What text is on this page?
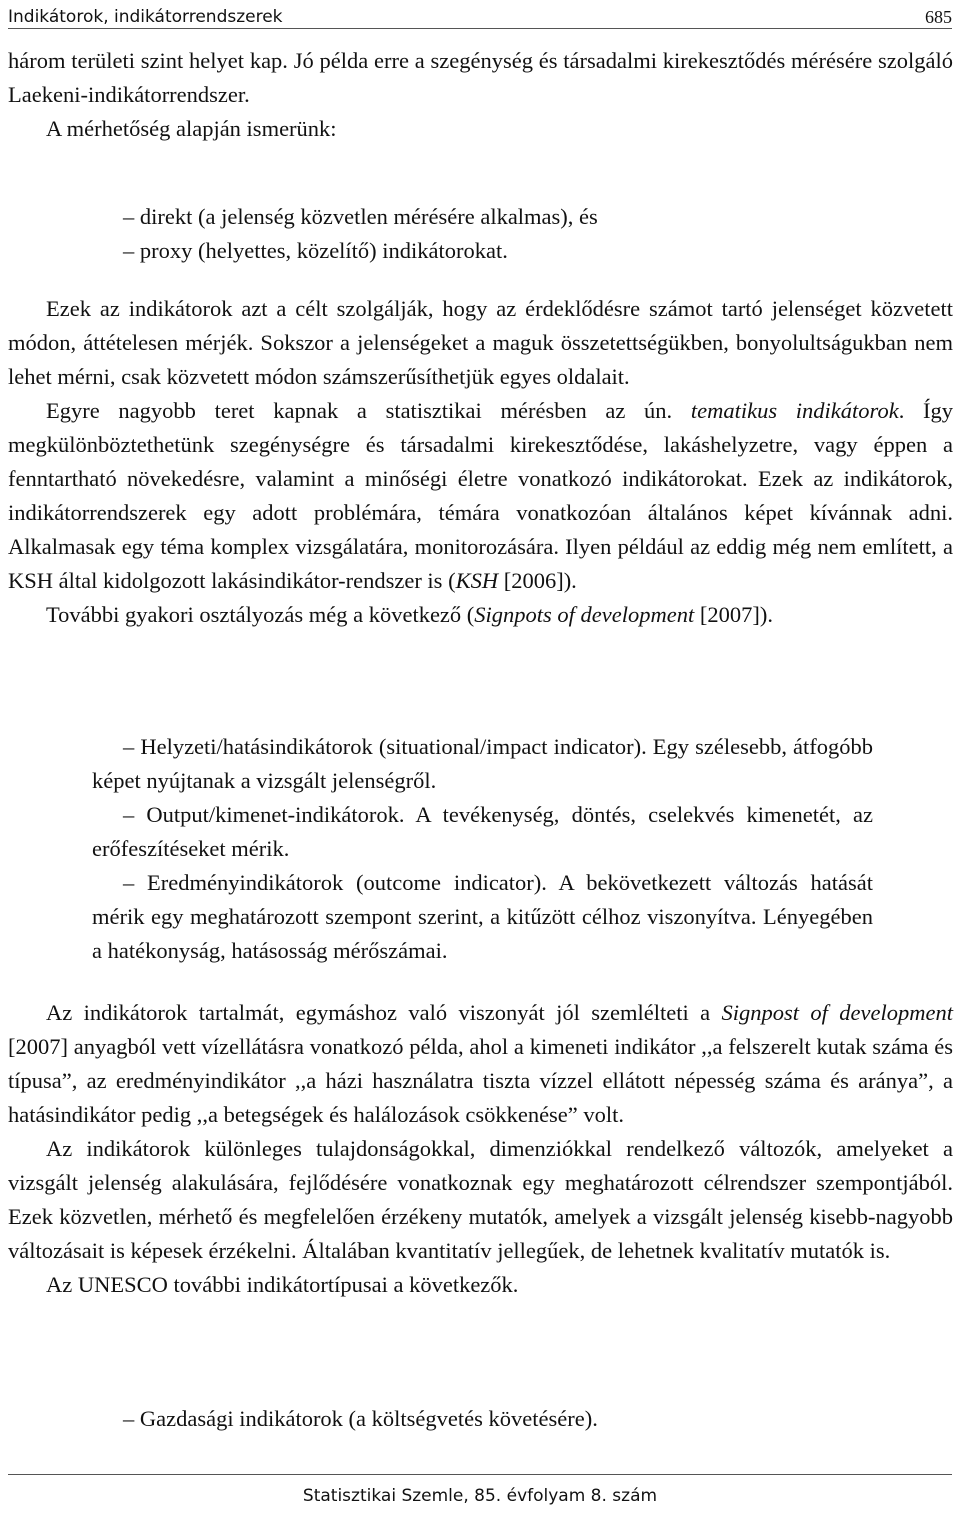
Indikátorok, indikátorrendszerek	685

három területi szint helyet kap. Jó példa erre a szegénység és társadalmi kirekesztődés mérésére szolgáló Laekeni-indikátorrendszer.

A mérhetőség alapján ismerünk:

– direkt (a jelenség közvetlen mérésére alkalmas), és

– proxy (helyettes, közelítő) indikátorokat.

Ezek az indikátorok azt a célt szolgálják, hogy az érdeklődésre számot tartó jelenséget közvetett módon, áttételesen mérjék. Sokszor a jelenségeket a maguk összetettségükben, bonyolultságukban nem lehet mérni, csak közvetett módon számszerűsíthetjük egyes oldalait.

Egyre nagyobb teret kapnak a statisztikai mérésben az ún. tematikus indikátorok. Így megkülönböztethetünk szegénységre és társadalmi kirekesztődése, lakáshelyzetre, vagy éppen a fenntartható növekedésre, valamint a minőségi életre vonatkozó indikátorokat. Ezek az indikátorok, indikátorrendszerek egy adott problémára, témára vonatkozóan általános képet kívánnak adni. Alkalmasak egy téma komplex vizsgálatára, monitorozására. Ilyen például az eddig még nem említett, a KSH által kidolgozott lakásindikátor-rendszer is (KSH [2006]).

További gyakori osztályozás még a következő (Signpots of development [2007]).

– Helyzeti/hatásindikátorok (situational/impact indicator). Egy szélesebb, átfogóbb képet nyújtanak a vizsgált jelenségről.

– Output/kimenet-indikátorok. A tevékenység, döntés, cselekvés kimenetét, az erőfeszítéseket mérik.

– Eredményindikátorok (outcome indicator). A bekövetkezett változás hatását mérik egy meghatározott szempont szerint, a kitűzött célhoz viszonyítva. Lényegében a hatékonyság, hatásosság mérőszámai.

Az indikátorok tartalmát, egymáshoz való viszonyát jól szemlélteti a Signpost of development [2007] anyagból vett vízellátásra vonatkozó példa, ahol a kimeneti indikátor ,,a felszerelt kutak száma és típusa”, az eredményindikátor ,,a házi használatra tiszta vízzel ellátott népesség száma és aránya”, a hatásindikátor pedig ,,a betegségek és halálozások csökkenése” volt.

Az indikátorok különleges tulajdonságokkal, dimenziókkal rendelkező változók, amelyeket a vizsgált jelenség alakulására, fejlődésére vonatkoznak egy meghatározott célrendszer szempontjából. Ezek közvetlen, mérhető és megfelelően érzékeny mutatók, amelyek a vizsgált jelenség kisebb-nagyobb változásait is képesek érzékelni. Általában kvantitatív jellegűek, de lehetnek kvalitatív mutatók is.

Az UNESCO további indikátortípusai a következők.

– Gazdasági indikátorok (a költségvetés követésére).

Statisztikai Szemle, 85. évfolyam 8. szám
